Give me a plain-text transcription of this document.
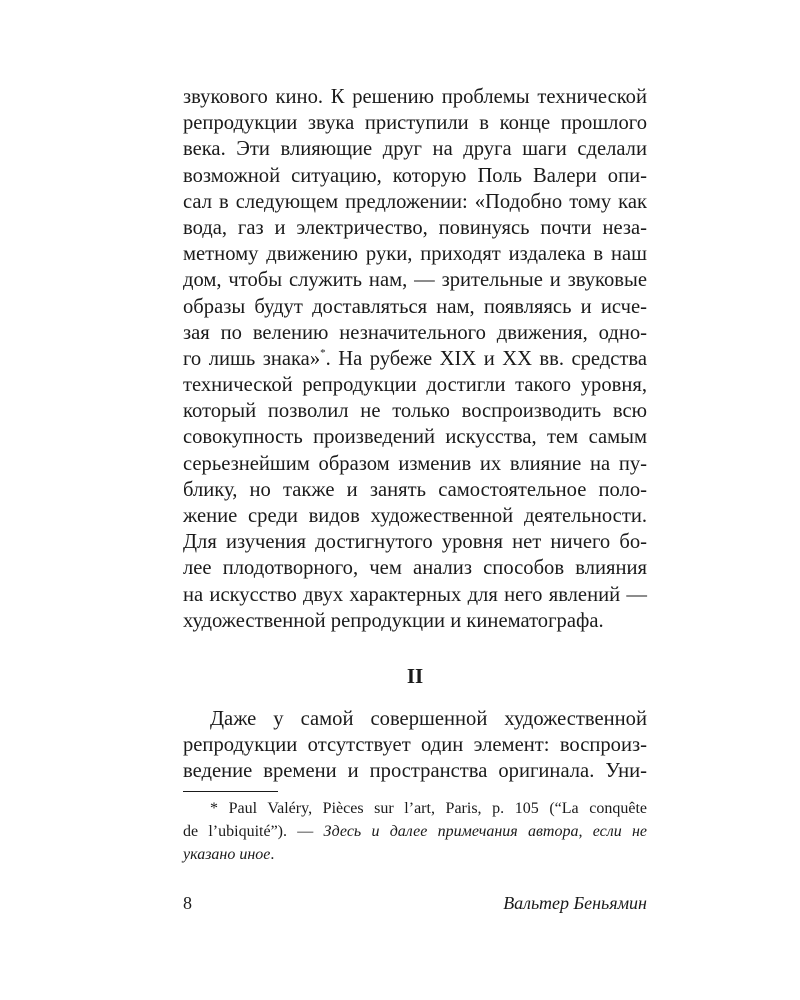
звукового кино. К решению проблемы технической
репродукции звука приступили в конце прошлого
века. Эти влияющие друг на друга шаги сделали
возможной ситуацию, которую Поль Валери опи-
сал в следующем предложении: «Подобно тому как
вода, газ и электричество, повинуясь почти неза-
метному движению руки, приходят издалека в наш
дом, чтобы служить нам, — зрительные и звуковые
образы будут доставляться нам, появляясь и исче-
зая по велению незначительного движения, одно-
го лишь знака»*. На рубеже XIX и XX вв. средства
технической репродукции достигли такого уровня,
который позволил не только воспроизводить всю
совокупность произведений искусства, тем самым
серьезнейшим образом изменив их влияние на пу-
блику, но также и занять самостоятельное поло-
жение среди видов художественной деятельности.
Для изучения достигнутого уровня нет ничего бо-
лее плодотворного, чем анализ способов влияния
на искусство двух характерных для него явлений —
художественной репродукции и кинематографа.
II
Даже у самой совершенной художественной
репродукции отсутствует один элемент: воспроиз-
ведение времени и пространства оригинала. Уни-
* Paul Valéry, Pièces sur l’art, Paris, p. 105 (“La conquête
de l’ubiquité”). — Здесь и далее примечания автора, если не
указано иное.
8	Вальтер Беньямин
